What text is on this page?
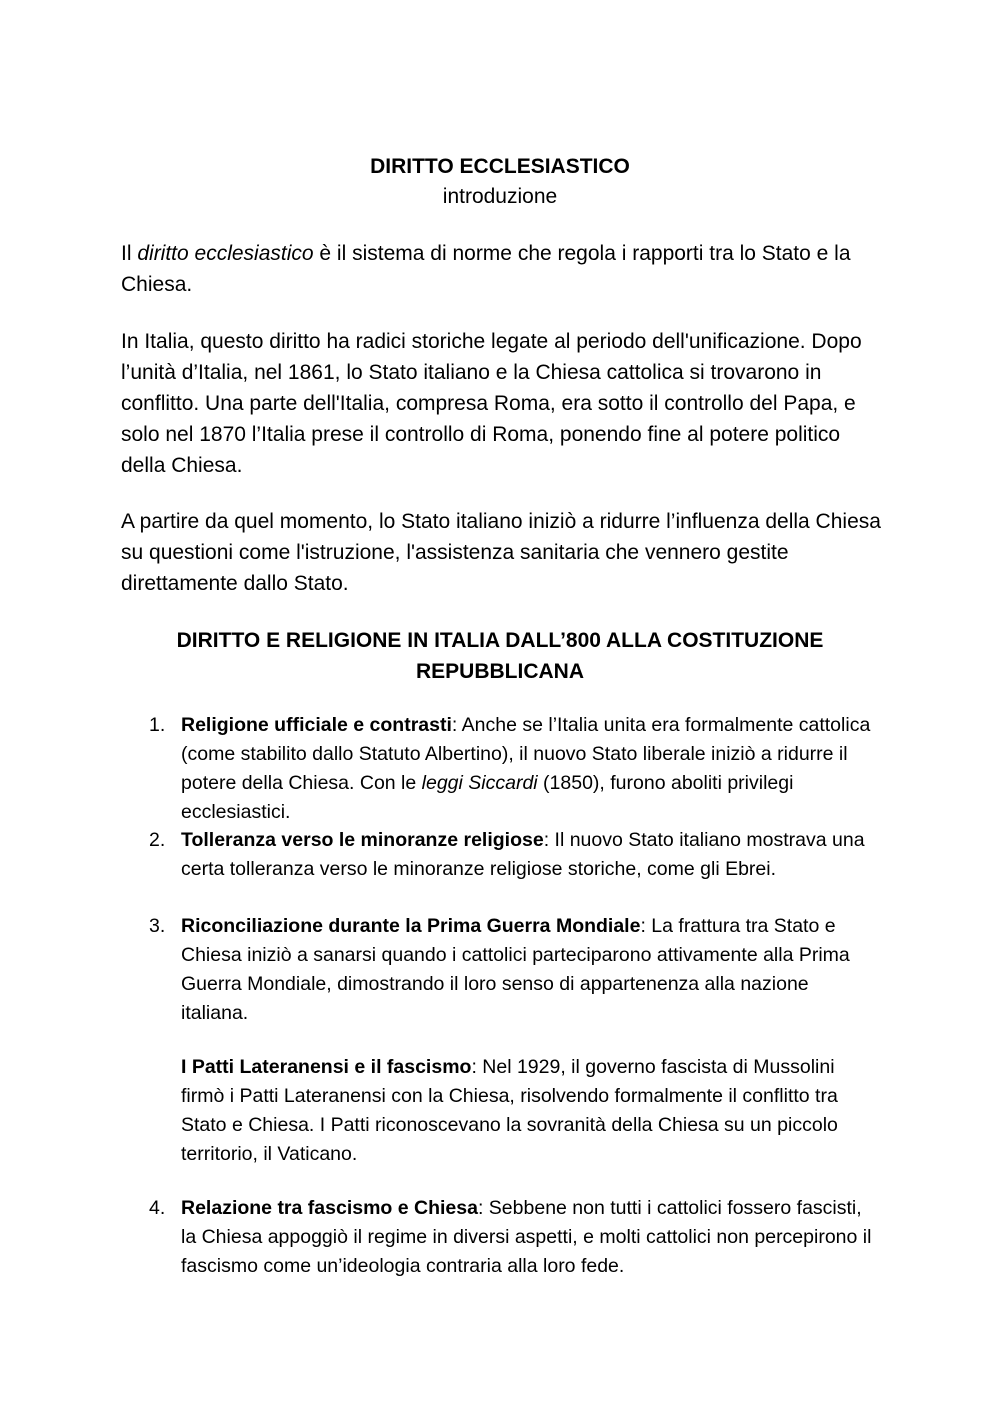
DIRITTO ECCLESIASTICO
introduzione

Il diritto ecclesiastico è il sistema di norme che regola i rapporti tra lo Stato e la Chiesa.

In Italia, questo diritto ha radici storiche legate al periodo dell'unificazione. Dopo l’unità d’Italia, nel 1861, lo Stato italiano e la Chiesa cattolica si trovarono in conflitto. Una parte dell'Italia, compresa Roma, era sotto il controllo del Papa, e solo nel 1870 l’Italia prese il controllo di Roma, ponendo fine al potere politico della Chiesa.

A partire da quel momento, lo Stato italiano iniziò a ridurre l’influenza della Chiesa su questioni come l'istruzione, l'assistenza sanitaria che vennero gestite direttamente dallo Stato.

DIRITTO E RELIGIONE IN ITALIA DALL’800 ALLA COSTITUZIONE REPUBBLICANA
1. Religione ufficiale e contrasti: Anche se l’Italia unita era formalmente cattolica (come stabilito dallo Statuto Albertino), il nuovo Stato liberale iniziò a ridurre il potere della Chiesa. Con le leggi Siccardi (1850), furono aboliti privilegi ecclesiastici.
2. Tolleranza verso le minoranze religiose: Il nuovo Stato italiano mostrava una certa tolleranza verso le minoranze religiose storiche, come gli Ebrei.
3. Riconciliazione durante la Prima Guerra Mondiale: La frattura tra Stato e Chiesa iniziò a sanarsi quando i cattolici parteciparono attivamente alla Prima Guerra Mondiale, dimostrando il loro senso di appartenenza alla nazione italiana.
I Patti Lateranensi e il fascismo: Nel 1929, il governo fascista di Mussolini firmò i Patti Lateranensi con la Chiesa, risolvendo formalmente il conflitto tra Stato e Chiesa. I Patti riconoscevano la sovranità della Chiesa su un piccolo territorio, il Vaticano.
4. Relazione tra fascismo e Chiesa: Sebbene non tutti i cattolici fossero fascisti, la Chiesa appoggiò il regime in diversi aspetti, e molti cattolici non percepirono il fascismo come un’ideologia contraria alla loro fede.
